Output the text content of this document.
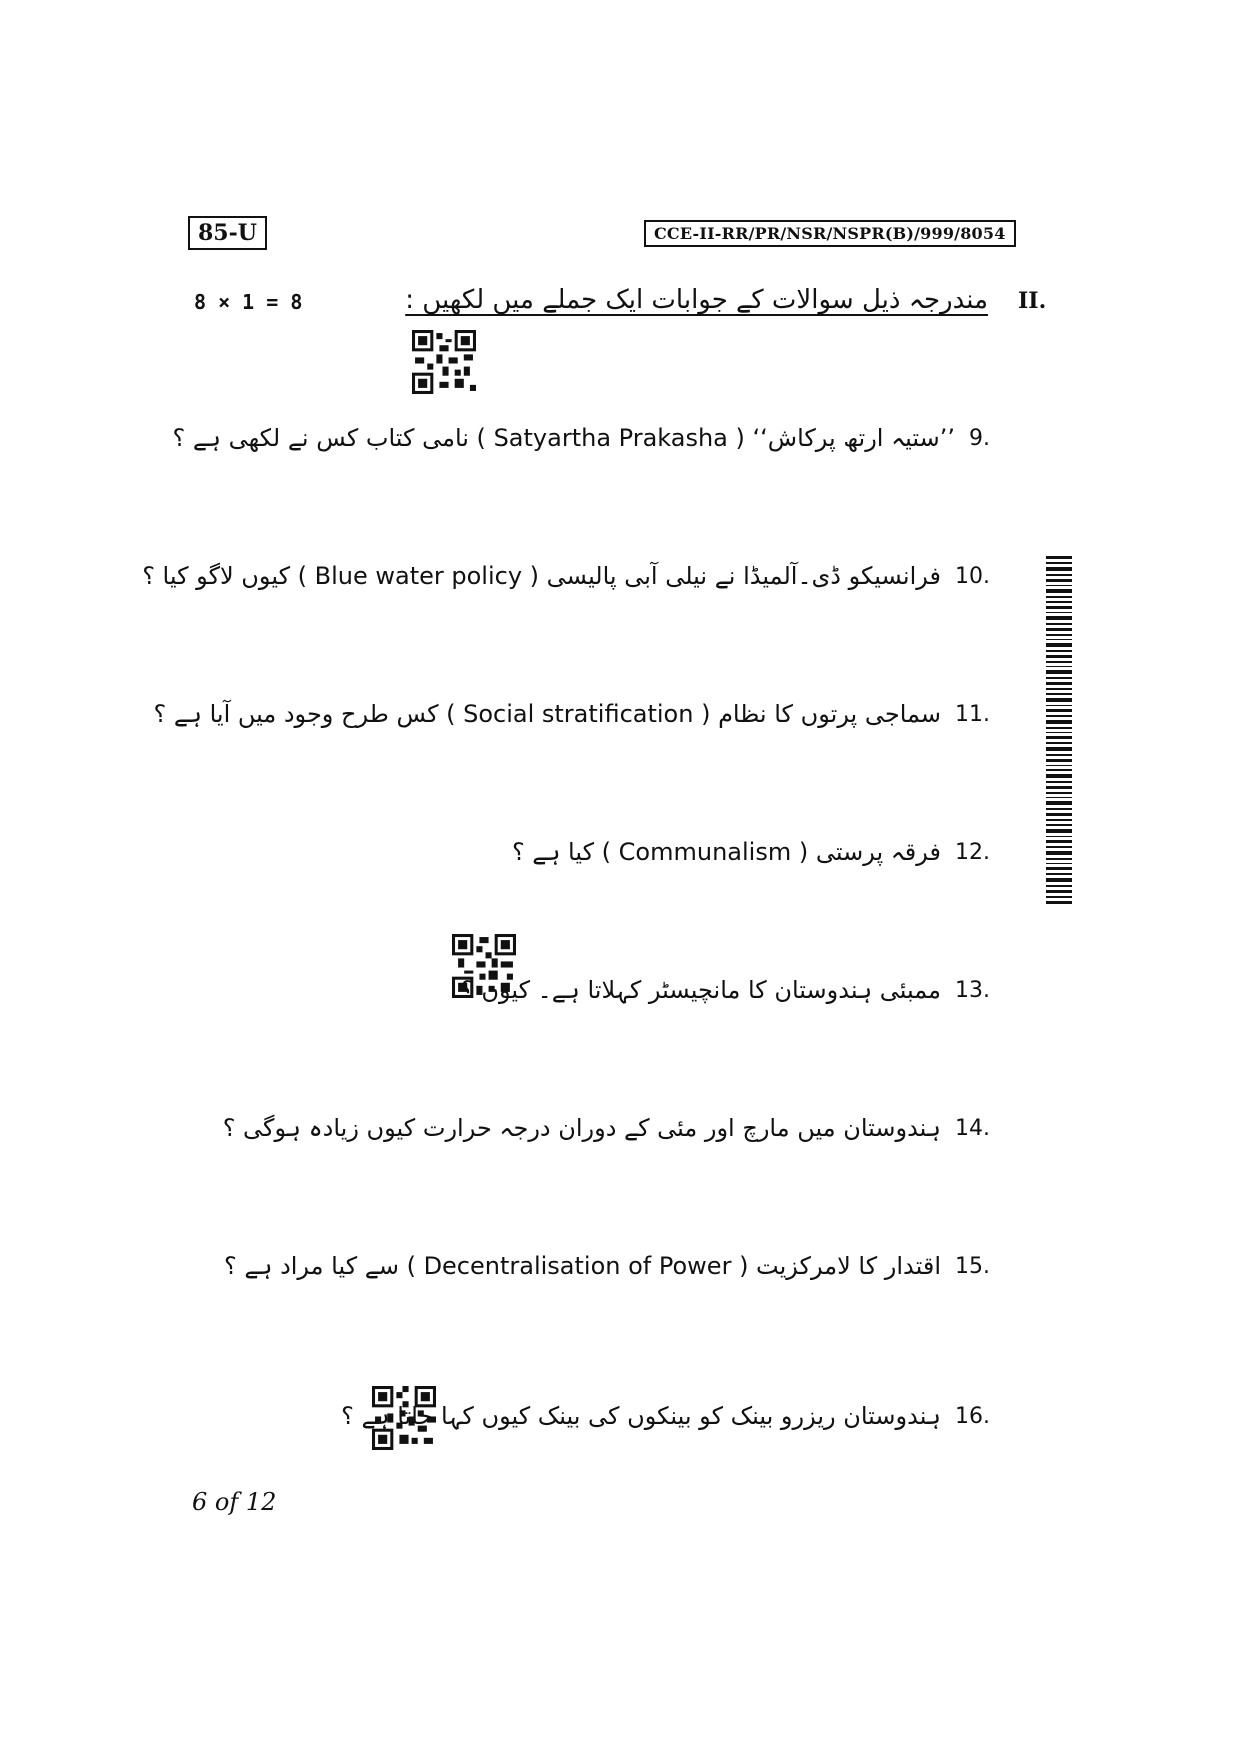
85-U	CCE-II-RR/PR/NSR/NSPR(B)/999/8054
8 × 1 = 8	II.
مندرجہ ذیل سوالات کے جوابات ایک جملے میں لکھیں :
9.
’’ستیہ ارتھ پرکاش‘‘ ( Satyartha Prakasha ) نامی کتاب کس نے لکھی ہے ؟
10.
فرانسیکو ڈی۔آلمیڈا نے نیلی آبی پالیسی ( Blue water policy ) کیوں لاگو کیا ؟
11.
سماجی پرتوں کا نظام ( Social stratification ) کس طرح وجود میں آیا ہے ؟
12.
فرقہ پرستی ( Communalism ) کیا ہے ؟
13.
ممبئی ہندوستان کا مانچیسٹر کہلاتا ہے۔ کیوں ؟
14.
ہندوستان میں مارچ اور مئی کے دوران درجہ حرارت کیوں زیادہ ہوگی ؟
15.
اقتدار کا لامرکزیت ( Decentralisation of Power ) سے کیا مراد ہے ؟
16.
ہندوستان ریزرو بینک کو بینکوں کی بینک کیوں کہا جاتا ہے ؟
6 of 12
